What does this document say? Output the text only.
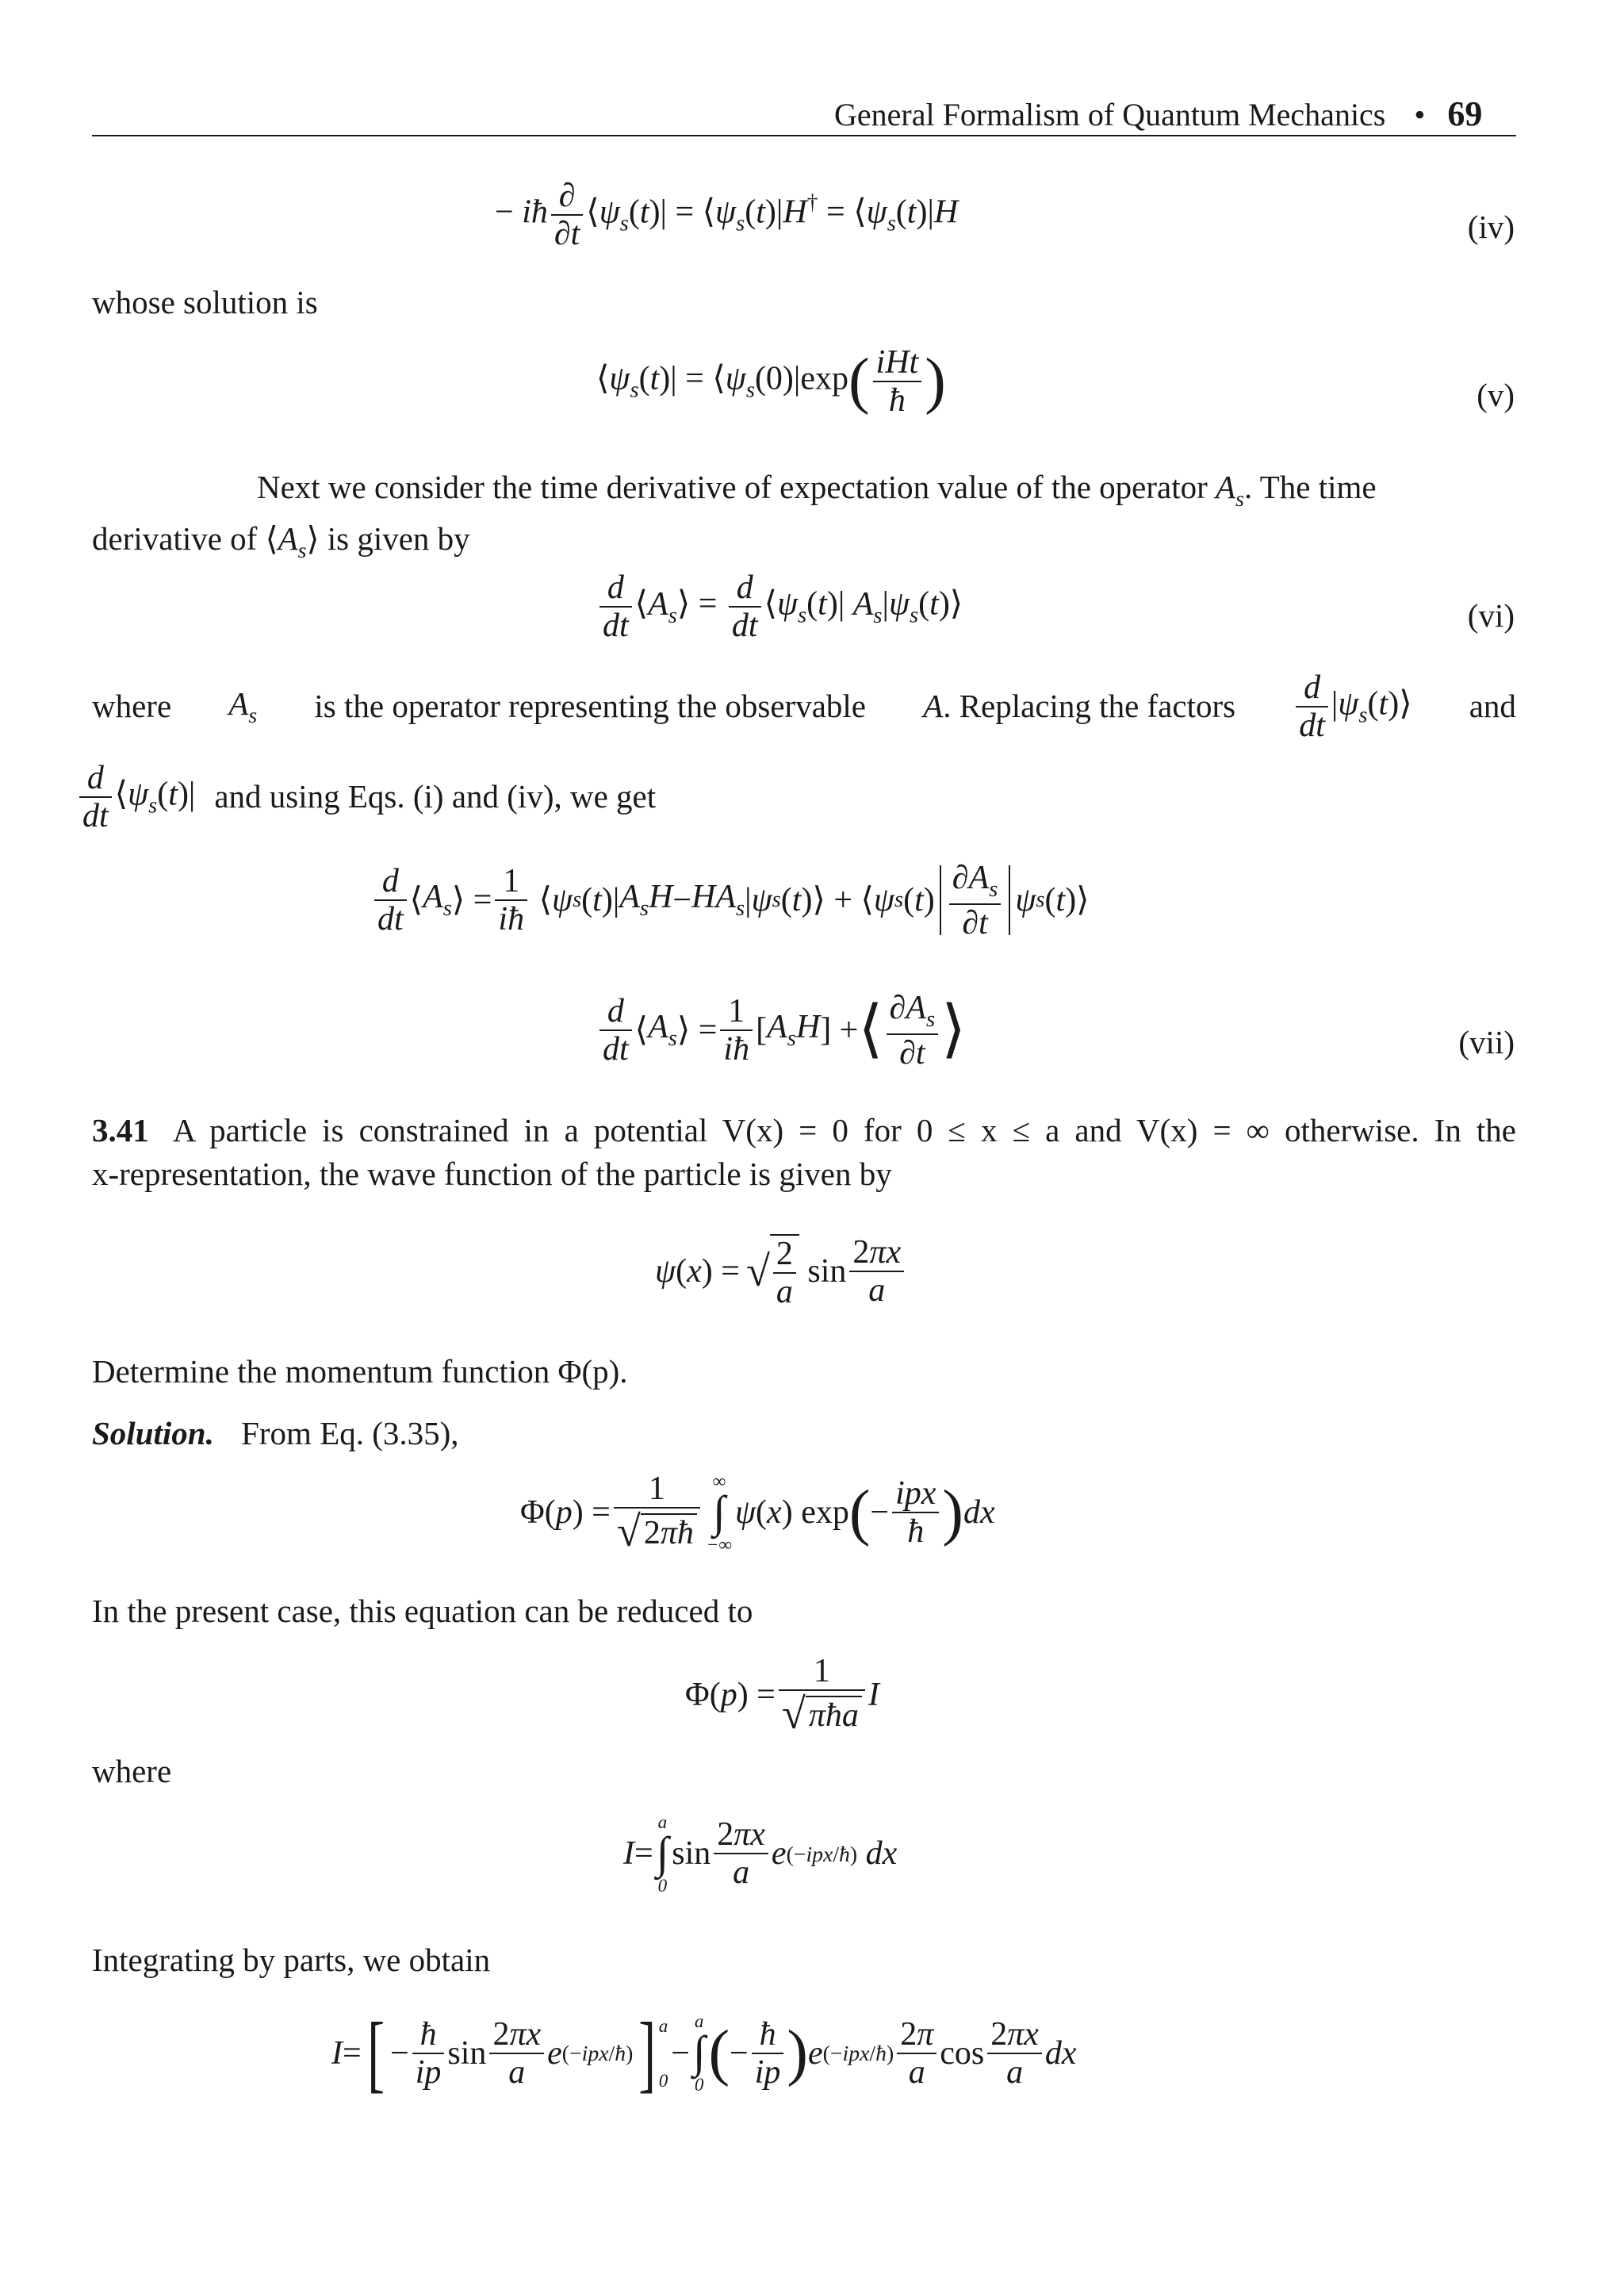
General Formalism of Quantum Mechanics • 69
− iħ $\frac{\partial}{\partial t}$ $⟨\psi_s(t)|$ = $⟨\psi_s(t)|H^\dagger$ = $⟨\psi_s(t)|H$	(iv)
whose solution is
$⟨\psi_s(t)|$ = $⟨\psi_s(0)|\exp( \frac{\text{iHt}}{ħ}$ )	(v)
Next we consider the time derivative of expectation value of the operator $A_s$. The time
derivative of $⟨A_s⟩$ is given by
$\frac{d}{dt}$ $⟨A_s⟩ = \frac{d}{dt}$ $⟨\psi_s(t)|$ $A_s|\psi_s(t)⟩$	(vi)
where $A_s$ is the operator representing the observable A. Replacing the factors $\frac{d}{dt}$ $|\psi_s(t)⟩$ and
$\frac{d}{dt}$ $⟨\psi_s(t)|$ and using Eqs. (i) and (iv), we get
$\frac{d}{dt}$ ⟨ $A_s$ ⟩ = $\frac{1}{iħ}$ ⟨ ψ s ( t )| $A_sH - HA_s$ | ψ s ( t )⟩ + ⟨ ψ s ( t ) $\frac{\partial A_s}{\partial t}$ ψ s ( t )⟩
$\frac{d}{dt}$ ⟨ $A_s$ ⟩ = $\frac{1}{iħ}$ [ $A_sH$ ] + ⟨ $\frac{\partial A_s}{\partial t}$ ⟩	(vii)
3.41 A particle is constrained in a potential V(x) = 0 for 0 ≤ x ≤ a and V(x) = ∞ otherwise. In the
x-representation, the wave function of the particle is given by
ψ ( x ) = √ $\frac{2}{a}$ $\sin \frac{2\pi x}{a}$
Determine the momentum function Φ(p).
Solution. From Eq. (3.35),
Φ( p ) = $\frac{1}{√2\pi ħ}$ ∞
∫
−∞
ψ ( x ) exp ( − $\frac{\text{ipx}}{ħ}$ ) dx
In the present case, this equation can be reduced to
Φ( p ) = $\frac{1}{\text{√πħa}}$ I
where
I =
a
∫
0
$\sin \frac{2\pi x}{a}$ e (−ipx/ħ)
dx
Integrating by parts, we obtain
I = [ − $\frac{ħ}{ip}$ $\sin \frac{2\pi x}{a}$ e (−ipx/ħ) ] a
0
−
a
∫
0 ( − $\frac{ħ}{ip}$ ) e (−ipx/ħ) $\frac{2\pi}{a}$ $\cos \frac{2\pi x}{a}$ dx
